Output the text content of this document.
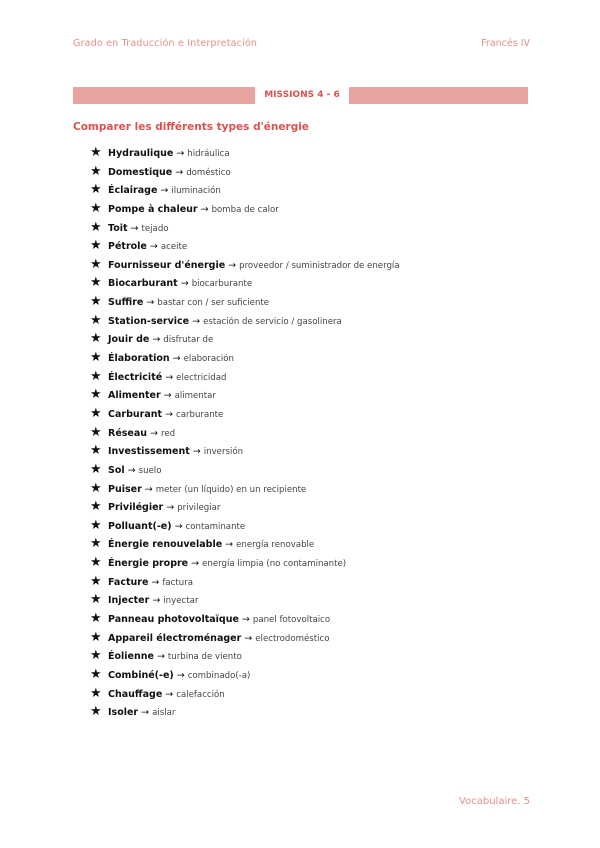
Grado en Traducción e Interpretación	Francés IV
MISSIONS 4 - 6
Comparer les différents types d'énergie
★ Hydraulique → hidráulica
★ Domestique → doméstico
★ Éclairage → iluminación
★ Pompe à chaleur → bomba de calor
★ Toit → tejado
★ Pétrole → aceite
★ Fournisseur d'énergie → proveedor / suministrador de energía
★ Biocarburant → biocarburante
★ Suffire → bastar con / ser suficiente
★ Station-service → estación de servicio / gasolinera
★ Jouir de → disfrutar de
★ Élaboration → elaboración
★ Électricité → electricidad
★ Alimenter → alimentar
★ Carburant → carburante
★ Réseau → red
★ Investissement → inversión
★ Sol → suelo
★ Puiser → meter (un líquido) en un recipiente
★ Privilégier → privilegiar
★ Polluant(-e) → contaminante
★ Énergie renouvelable → energía renovable
★ Énergie propre → energía limpia (no contaminante)
★ Facture → factura
★ Injecter → inyectar
★ Panneau photovoltaïque → panel fotovoltaico
★ Appareil électroménager → electrodoméstico
★ Éolienne → turbina de viento
★ Combiné(-e) → combinado(-a)
★ Chauffage → calefacción
★ Isoler → aislar
Vocabulaire. 5
